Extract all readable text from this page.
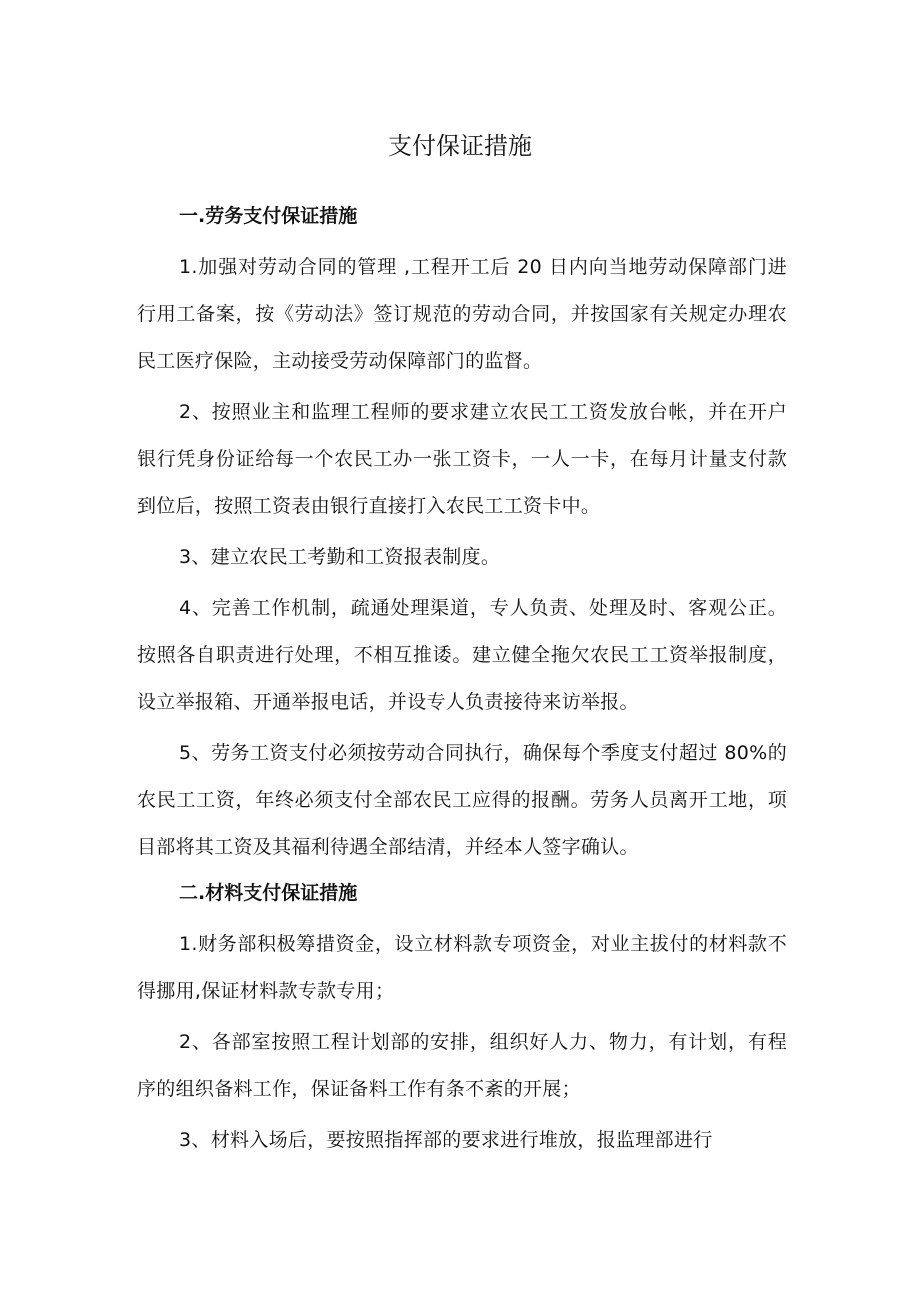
支付保证措施
一.劳务支付保证措施

1.加强对劳动合同的管理 ,工程开工后 20 日内向当地劳动保障部门进行用工备案，按《劳动法》签订规范的劳动合同，并按国家有关规定办理农民工医疗保险，主动接受劳动保障部门的监督。

2、按照业主和监理工程师的要求建立农民工工资发放台帐，并在开户银行凭身份证给每一个农民工办一张工资卡，一人一卡，在每月计量支付款到位后，按照工资表由银行直接打入农民工工资卡中。

3、建立农民工考勤和工资报表制度。

4、完善工作机制，疏通处理渠道，专人负责、处理及时、客观公正。按照各自职责进行处理，不相互推诿。建立健全拖欠农民工工资举报制度，设立举报箱、开通举报电话，并设专人负责接待来访举报。

5、劳务工资支付必须按劳动合同执行，确保每个季度支付超过 80%的农民工工资，年终必须支付全部农民工应得的报酬。劳务人员离开工地，项目部将其工资及其福利待遇全部结清，并经本人签字确认。

二.材料支付保证措施

1.财务部积极筹措资金，设立材料款专项资金，对业主拔付的材料款不得挪用,保证材料款专款专用；

2、各部室按照工程计划部的安排，组织好人力、物力，有计划，有程序的组织备料工作，保证备料工作有条不紊的开展；

3、材料入场后，要按照指挥部的要求进行堆放，报监理部进行
